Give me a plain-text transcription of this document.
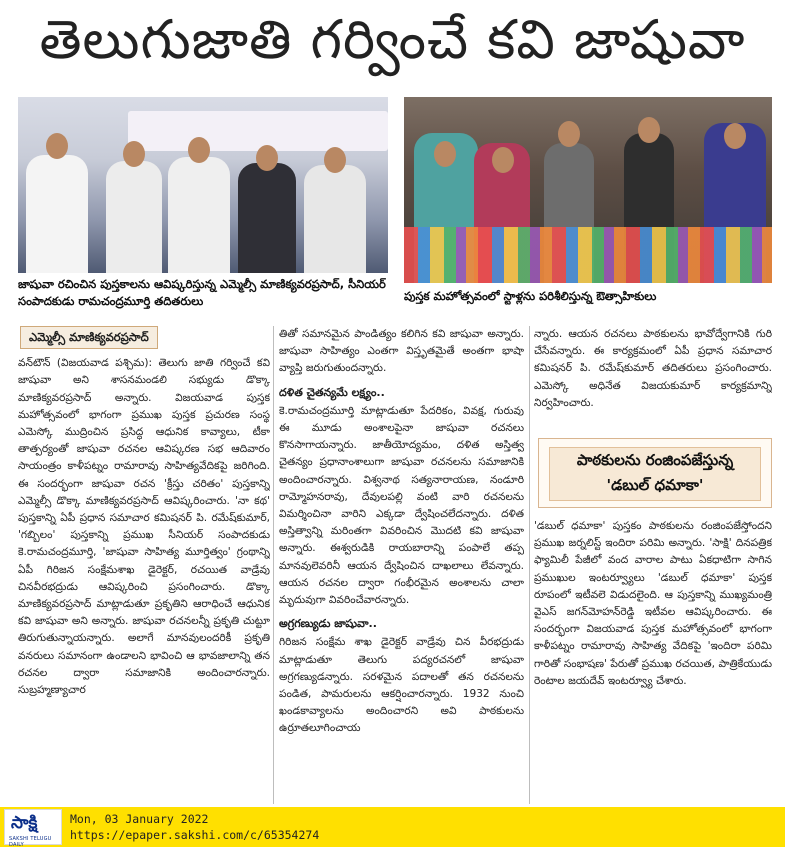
తెలుగుజాతి గర్వించే కవి జాషువా
జాషువా రచించిన పుస్తకాలను ఆవిష్కరిస్తున్న ఎమ్మెల్సీ మాణిక్యవరప్రసాద్‌, సీనియర్‌ సంపాదకుడు రామచంద్రమూర్తి తదితరులు	పుస్తక మహోత్సవంలో స్టాళ్లను పరిశీలిస్తున్న ఔత్సాహికులు
ఎమ్మెల్సీ మాణిక్యవరప్రసాద్‌
వన్‌టౌన్‌ (విజయవాడ పశ్చిమ): తెలుగు జాతి గర్వించే కవి జాషువా అని శాసనమండలి సభ్యుడు డొక్కా మాణిక్యవరప్రసాద్‌ అన్నారు. విజయవాడ పుస్తక మహోత్సవంలో భాగంగా ప్రముఖ పుస్తక ప్రచురణ సంస్థ ఎమెస్కో ముద్రించిన ప్రసిద్ధ ఆధునిక కావ్యాలు, టీకా తాత్పర్యంతో జాషువా రచనల ఆవిష్కరణ సభ ఆదివారం సాయంత్రం కాళీపట్నం రామారావు సాహిత్యవేదికపై జరిగింది. ఈ సందర్భంగా జాషువా రచన 'క్రీస్తు చరితం' పుస్తకాన్ని ఎమ్మెల్సీ డొక్కా మాణిక్యవరప్రసాద్‌ ఆవిష్కరించారు. 'నా కథ' పుస్తకాన్ని ఏపీ ప్రధాన సమాచార కమిషనర్‌ పి. రమేష్‌కుమార్‌, 'గబ్బిలం' పుస్తకాన్ని ప్రముఖ సీనియర్‌ సంపాదకుడు కె.రామచంద్రమూర్తి, 'జాషువా సాహిత్య మూర్తిత్వం' గ్రంథాన్ని ఏపీ గిరిజన సంక్షేమశాఖ డైరెక్టర్‌, రచయిత వాడ్రేవు చినవీరభద్రుడు ఆవిష్కరించి ప్రసంగించారు. డొక్కా మాణిక్యవరప్రసాద్‌ మాట్లాడుతూ ప్రకృతిని ఆరాధించే ఆధునిక కవి జాషువా అని అన్నారు. జాషువా రచనలన్నీ ప్రకృతి చుట్టూ తిరుగుతున్నాయన్నారు. అలాగే మానవులందరికీ ప్రకృతి వనరులు సమానంగా ఉండాలని భావించి ఆ భావజాలాన్ని తన రచనల ద్వారా సమాజానికి అందించారన్నారు. సుబ్రహ్మణ్యాచార
తితో సమానమైన పాండిత్యం కలిగిన కవి జాషువా అన్నారు. జాషువా సాహిత్యం ఎంతగా విస్తృతమైతే అంతగా భాషా వ్యాప్తి జరుగుతుందన్నారు.
దళిత చైతన్యమే లక్ష్యం..
కె.రామచంద్రమూర్తి మాట్లాడుతూ పేదరికం, వివక్ష, గురువు ఈ మూడు అంశాలపైనా జాషువా రచనలు కొనసాగాయన్నారు. జాతీయోద్యమం, దళిత అస్తిత్వ చైతన్యం ప్రధానాంశాలుగా జాషువా రచనలను సమాజానికి అందించారన్నారు. విశ్వనాథ సత్యనారాయణ, నండూరి రామ్మోహనరావు, దేవులపల్లి వంటి వారి రచనలను విమర్శించినా వారిని ఎక్కడా ద్వేషించలేదన్నారు. దళిత అస్తిత్వాన్ని మరింతగా వివరించిన మొదటి కవి జాషువా అన్నారు. ఈశ్వరుడికి రాయబారాన్ని పంపాలే తప్ప మానవులెవరినీ ఆయన ద్వేషించిన దాఖలాలు లేవన్నారు. ఆయన రచనల ద్వారా గంభీరమైన అంశాలను చాలా మృదువుగా వివరించేవారన్నారు.
అగ్రగణ్యుడు జాషువా..
గిరిజన సంక్షేమ శాఖ డైరెక్టర్‌ వాడ్రేవు చిన వీరభద్రుడు మాట్లాడుతూ తెలుగు పద్యరచనలో జాషువా అగ్రగణ్యుడన్నారు. సరళమైన పదాలతో తన రచనలను పండిత, పామరులను ఆకర్షించారన్నారు. 1932 నుంచి ఖండకావ్యాలను అందించారని అవి పాఠకులను ఉర్రూతలూగించాయ
న్నారు. ఆయన రచనలు పాఠకులను భావోద్వేగానికి గురి చేసేవన్నారు. ఈ కార్యక్రమంలో ఏపీ ప్రధాన సమాచార కమిషనర్‌ పి. రమేష్‌కుమార్‌ తదితరులు ప్రసంగించారు. ఎమెస్కో అధినేత విజయకుమార్‌ కార్యక్రమాన్ని నిర్వహించారు.
పాఠకులను రంజింపజేస్తున్న
'డబుల్‌ ధమాకా'
'డబుల్‌ ధమాకా' పుస్తకం పాఠకులను రంజింపజేస్తోందని ప్రముఖ జర్నలిస్ట్‌ ఇందిరా పరిమి అన్నారు. 'సాక్షి' దినపత్రిక ఫ్యామిలీ పేజీలో వంద వారాల పాటు ఏకధాటిగా సాగిన ప్రముఖుల ఇంటర్వ్యూలు 'డబుల్‌ ధమాకా' పుస్తక రూపంలో ఇటీవలె విడుదలైంది. ఆ పుస్తకాన్ని ముఖ్యమంత్రి వైఎస్‌ జగన్‌మోహన్‌రెడ్డి ఇటీవల ఆవిష్కరించారు. ఈ సందర్భంగా విజయవాడ పుస్తక మహోత్సవంలో భాగంగా కాళీపట్నం రామారావు సాహిత్య వేదికపై 'ఇందిరా పరిమి గారితో సంభాషణ' పేరుతో ప్రముఖ రచయిత, పాత్రికేయుడు రెంటాల జయదేవ్‌ ఇంటర్వ్యూ చేశారు.
సాక్షి
SAKSHI TELUGU DAILY
Mon, 03 January 2022
https://epaper.sakshi.com/c/65354274
